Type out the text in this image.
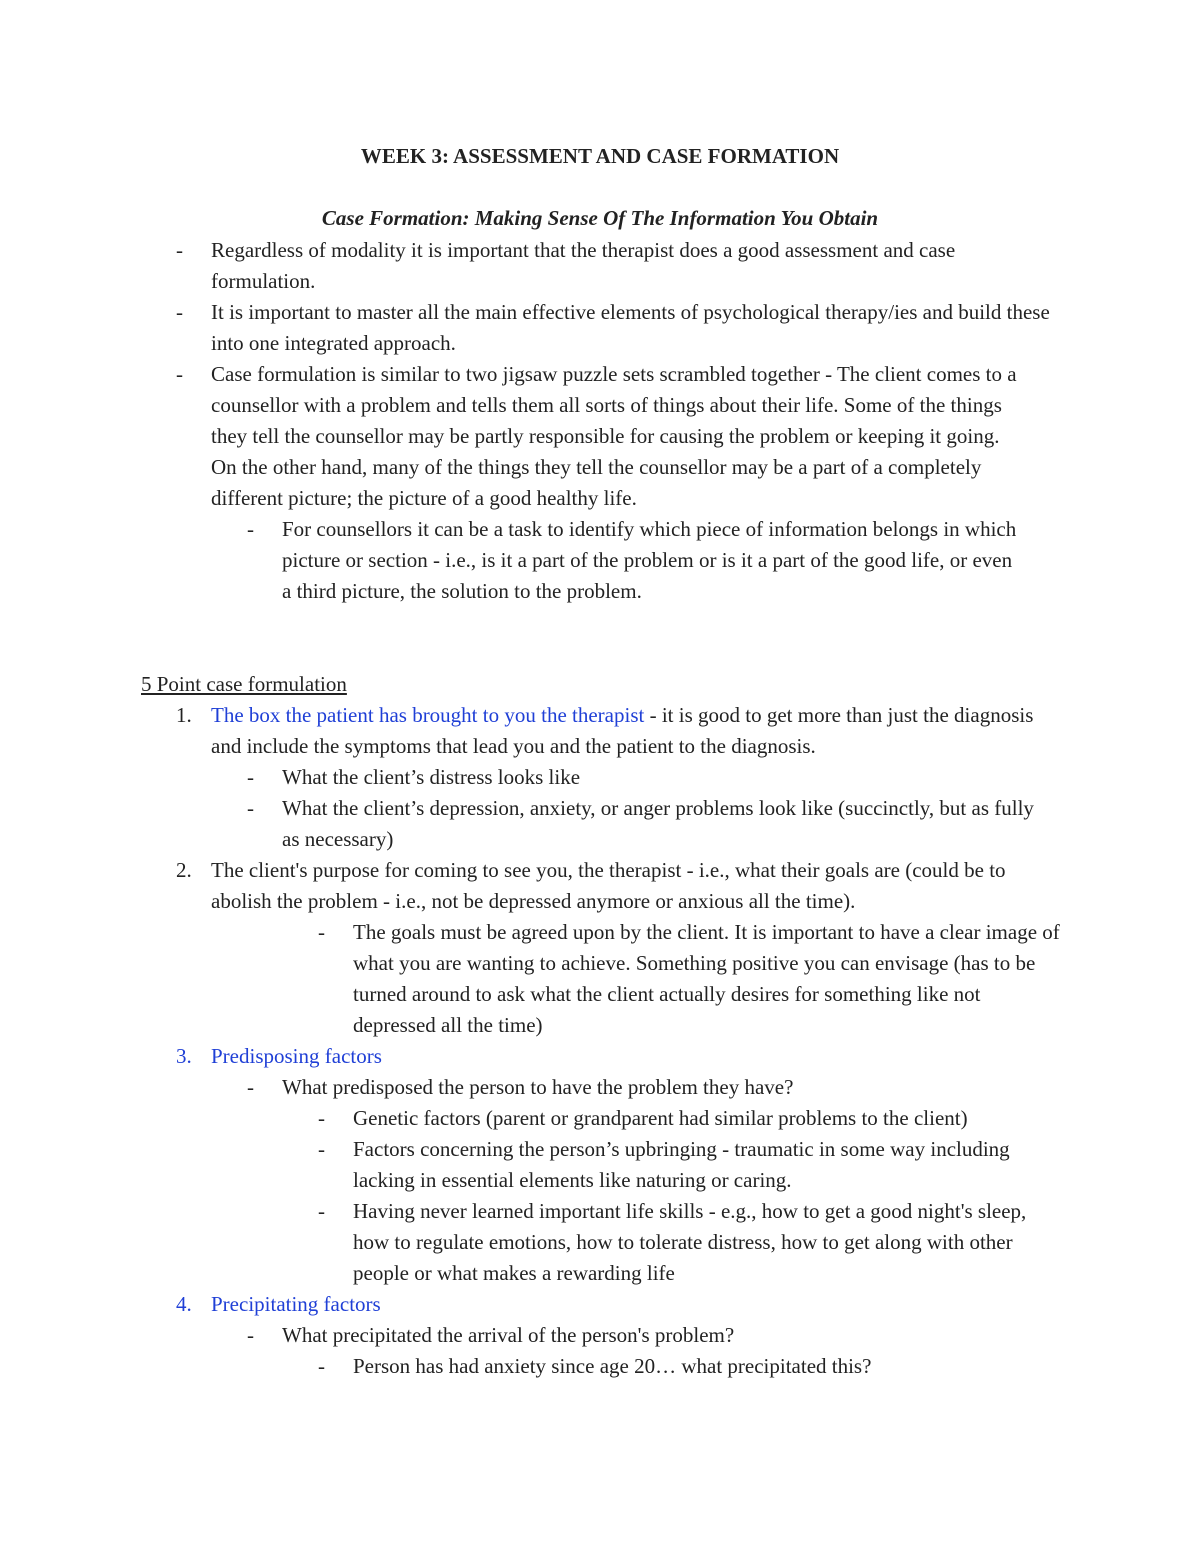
WEEK 3: ASSESSMENT AND CASE FORMATION
Case Formation: Making Sense Of The Information You Obtain
- Regardless of modality it is important that the therapist does a good assessment and case formulation.
- It is important to master all the main effective elements of psychological therapy/ies and build these into one integrated approach.
- Case formulation is similar to two jigsaw puzzle sets scrambled together - The client comes to a counsellor with a problem and tells them all sorts of things about their life. Some of the things they tell the counsellor may be partly responsible for causing the problem or keeping it going. On the other hand, many of the things they tell the counsellor may be a part of a completely different picture; the picture of a good healthy life.
- For counsellors it can be a task to identify which piece of information belongs in which picture or section - i.e., is it a part of the problem or is it a part of the good life, or even a third picture, the solution to the problem.
5 Point case formulation
1. The box the patient has brought to you the therapist - it is good to get more than just the diagnosis and include the symptoms that lead you and the patient to the diagnosis.
- What the client’s distress looks like
- What the client’s depression, anxiety, or anger problems look like (succinctly, but as fully as necessary)
2. The client's purpose for coming to see you, the therapist - i.e., what their goals are (could be to abolish the problem - i.e., not be depressed anymore or anxious all the time).
- The goals must be agreed upon by the client. It is important to have a clear image of what you are wanting to achieve. Something positive you can envisage (has to be turned around to ask what the client actually desires for something like not depressed all the time)
3. Predisposing factors
- What predisposed the person to have the problem they have?
- Genetic factors (parent or grandparent had similar problems to the client)
- Factors concerning the person’s upbringing - traumatic in some way including lacking in essential elements like naturing or caring.
- Having never learned important life skills - e.g., how to get a good night's sleep, how to regulate emotions, how to tolerate distress, how to get along with other people or what makes a rewarding life
4. Precipitating factors
- What precipitated the arrival of the person's problem?
- Person has had anxiety since age 20… what precipitated this?
